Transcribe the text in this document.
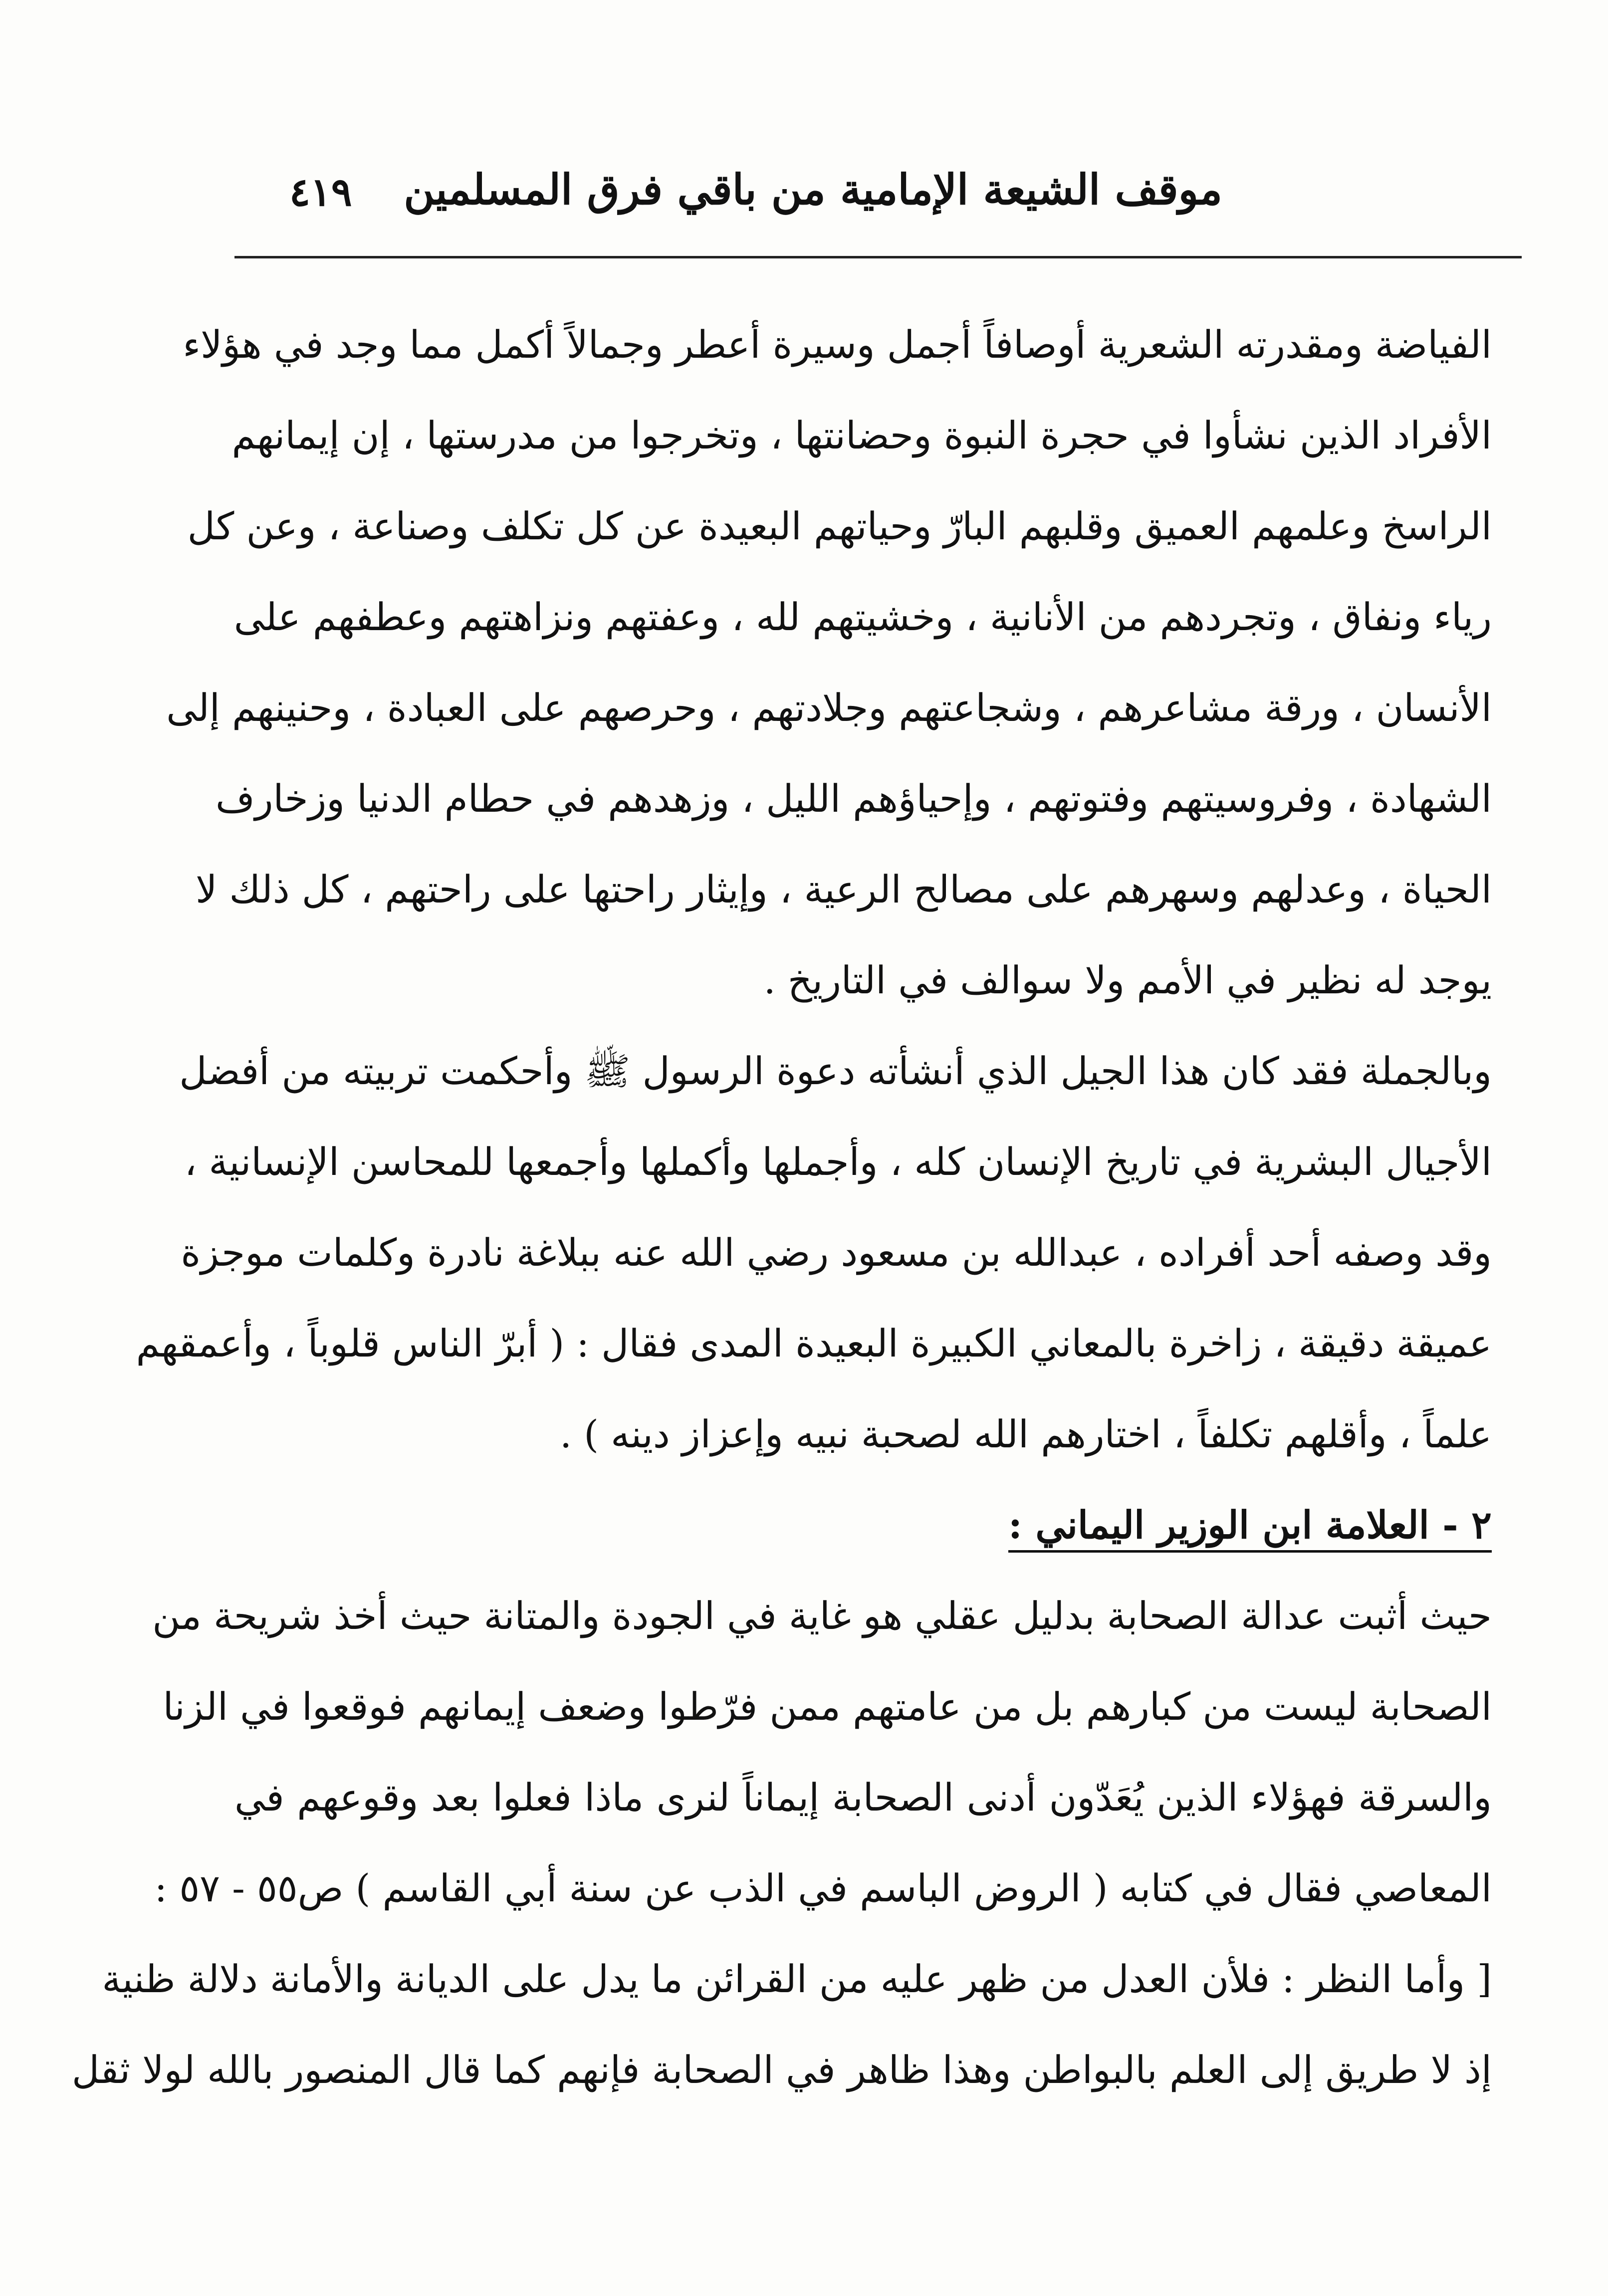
موقف الشيعة الإمامية من باقي فرق المسلمين
٤١٩
الفياضة ومقدرته الشعرية أوصافاً أجمل وسيرة أعطر وجمالاً أكمل مما وجد في هؤلاء
الأفراد الذين نشأوا في حجرة النبوة وحضانتها ، وتخرجوا من مدرستها ، إن إيمانهم
الراسخ وعلمهم العميق وقلبهم البارّ وحياتهم البعيدة عن كل تكلف وصناعة ، وعن كل
رياء ونفاق ، وتجردهم من الأنانية ، وخشيتهم لله ، وعفتهم ونزاهتهم وعطفهم على
الأنسان ، ورقة مشاعرهم ، وشجاعتهم وجلادتهم ، وحرصهم على العبادة ، وحنينهم إلى
الشهادة ، وفروسيتهم وفتوتهم ، وإحياؤهم الليل ، وزهدهم في حطام الدنيا وزخارف
الحياة ، وعدلهم وسهرهم على مصالح الرعية ، وإيثار راحتها على راحتهم ، كل ذلك لا
يوجد له نظير في الأمم ولا سوالف في التاريخ .
وبالجملة فقد كان هذا الجيل الذي أنشأته دعوة الرسول ﷺ وأحكمت تربيته من أفضل
الأجيال البشرية في تاريخ الإنسان كله ، وأجملها وأكملها وأجمعها للمحاسن الإنسانية ،
وقد وصفه أحد أفراده ، عبدالله بن مسعود رضي الله عنه ببلاغة نادرة وكلمات موجزة
عميقة دقيقة ، زاخرة بالمعاني الكبيرة البعيدة المدى فقال : ( أبرّ الناس قلوباً ، وأعمقهم
علماً ، وأقلهم تكلفاً ، اختارهم الله لصحبة نبيه وإعزاز دينه ) .
٢ - العلامة ابن الوزير اليماني :
حيث أثبت عدالة الصحابة بدليل عقلي هو غاية في الجودة والمتانة حيث أخذ شريحة من
الصحابة ليست من كبارهم بل من عامتهم ممن فرّطوا وضعف إيمانهم فوقعوا في الزنا
والسرقة فهؤلاء الذين يُعَدّون أدنى الصحابة إيماناً لنرى ماذا فعلوا بعد وقوعهم في
المعاصي فقال في كتابه ( الروض الباسم في الذب عن سنة أبي القاسم ) ص٥٥ - ٥٧ :
[ وأما النظر : فلأن العدل من ظهر عليه من القرائن ما يدل على الديانة والأمانة دلالة ظنية
إذ لا طريق إلى العلم بالبواطن وهذا ظاهر في الصحابة فإنهم كما قال المنصور بالله لولا ثقل
